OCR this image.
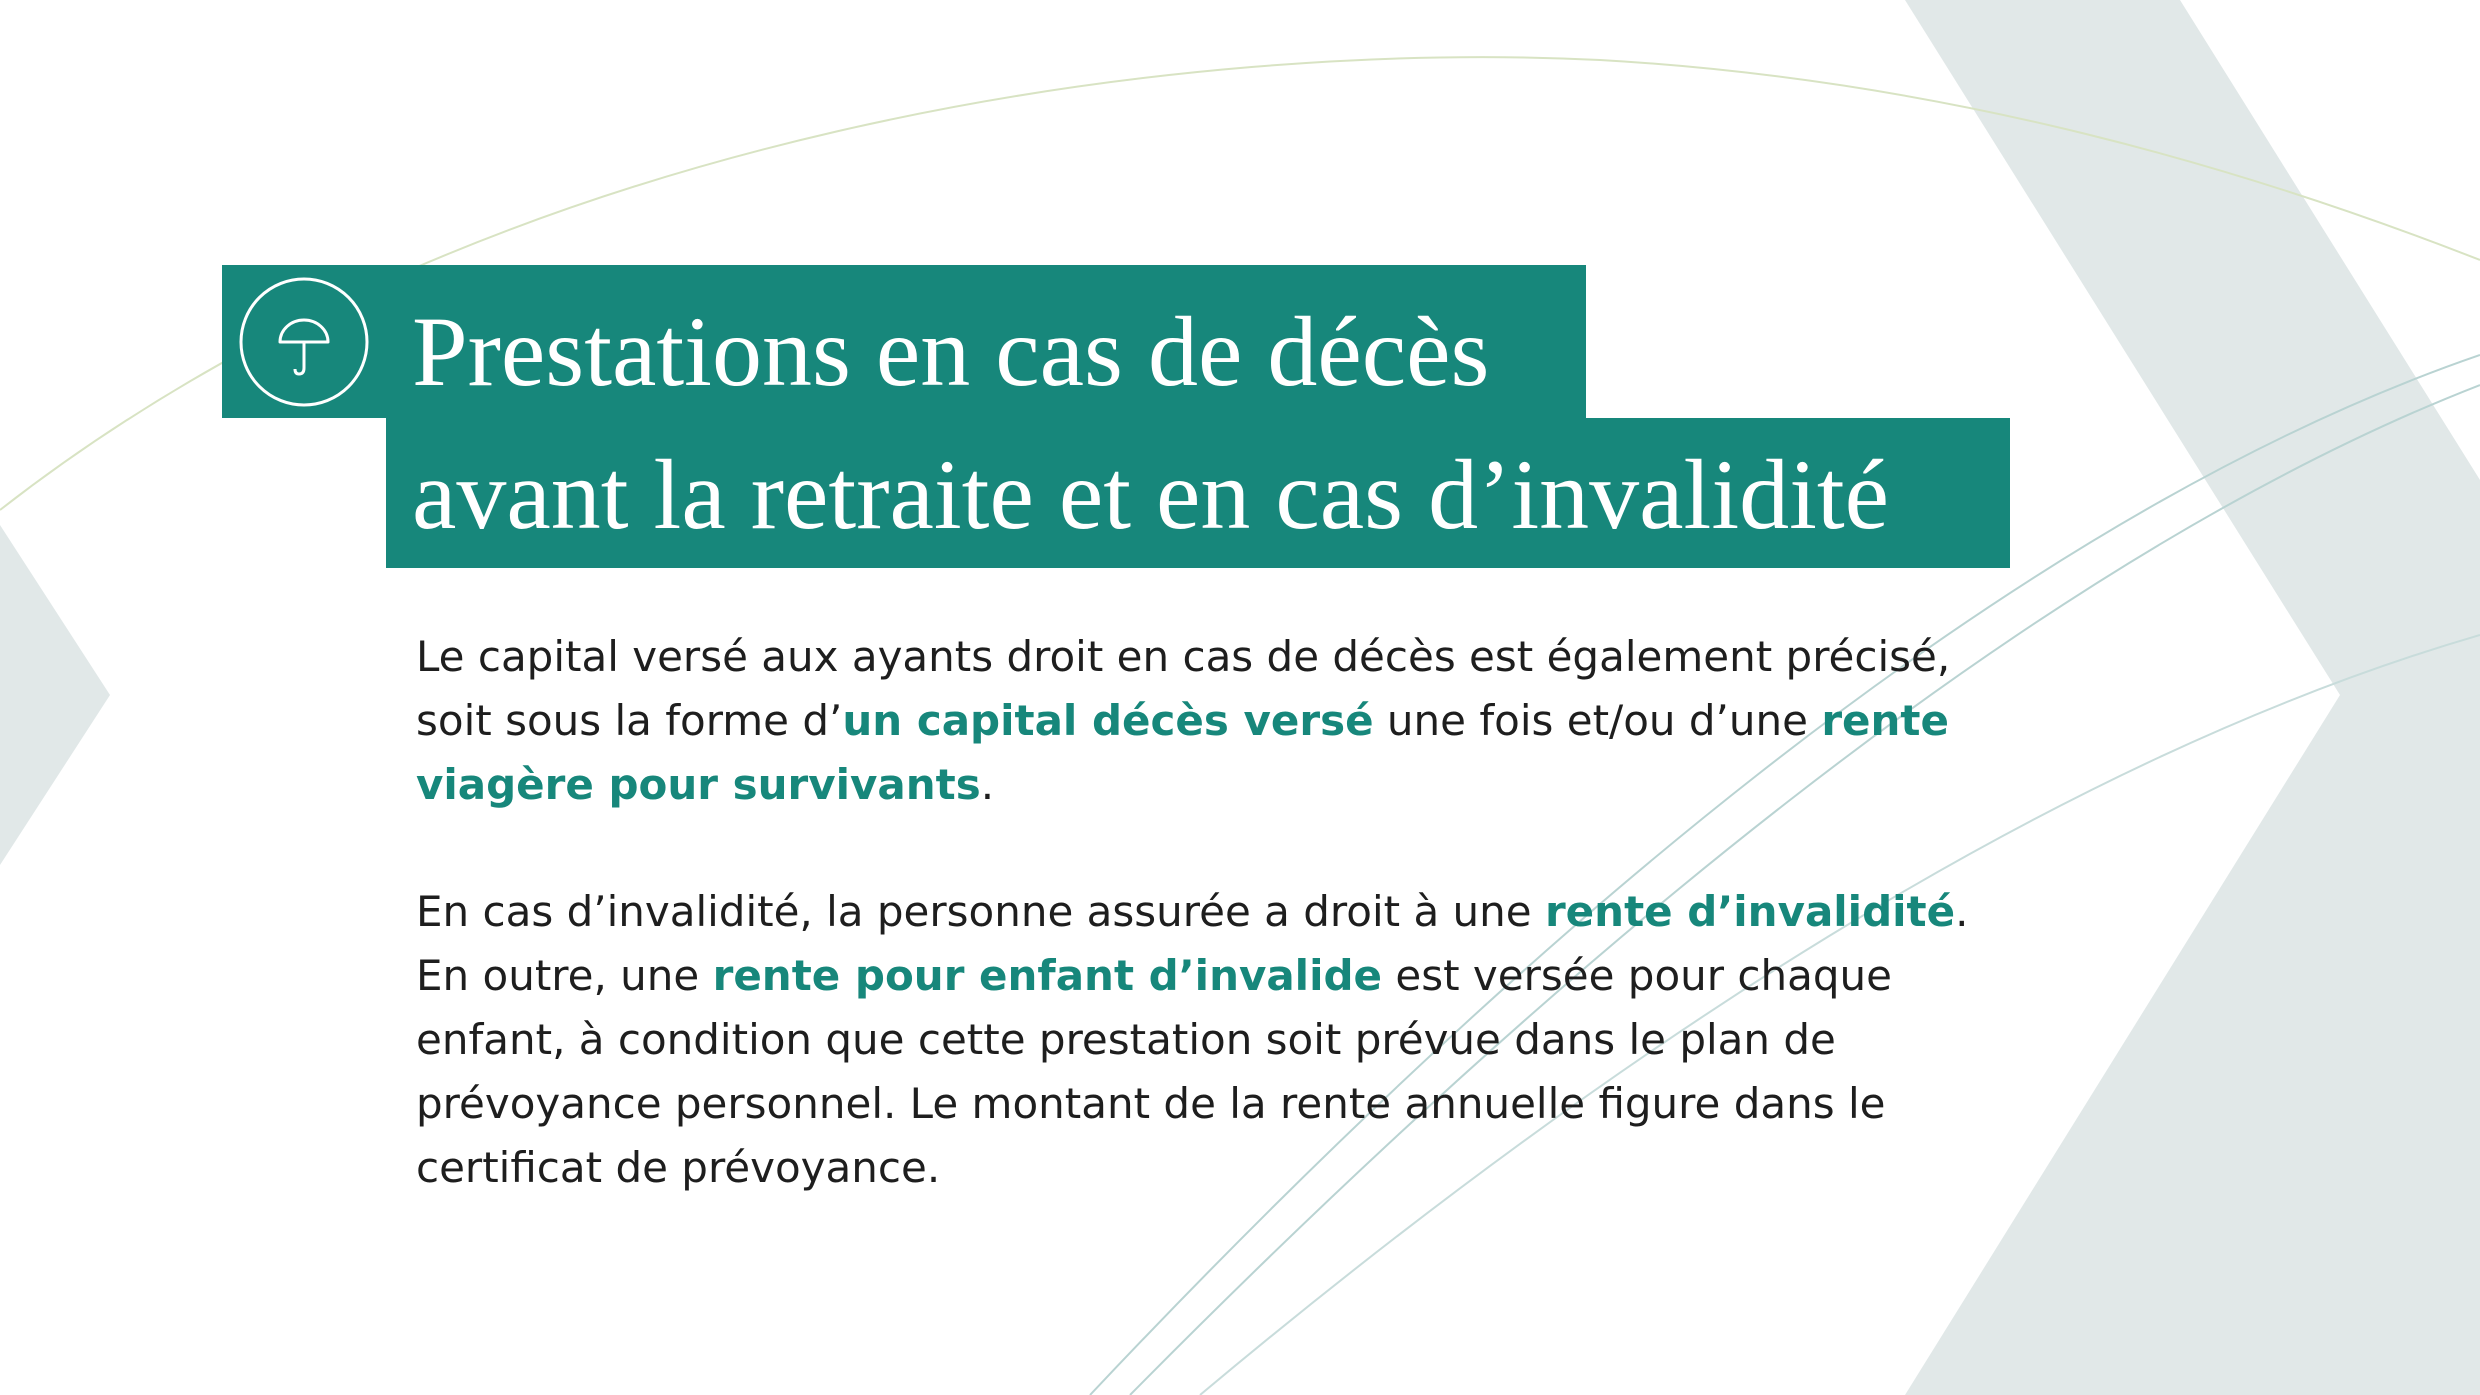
Prestations en cas de décès
avant la retraite et en cas d’invalidité

Le capital versé aux ayants droit en cas de décès est également précisé, soit sous la forme d’un capital décès versé une fois et/ou d’une rente viagère pour survivants.

En cas d’invalidité, la personne assurée a droit à une rente d’invalidité. En outre, une rente pour enfant d’invalide est versée pour chaque enfant, à condition que cette prestation soit prévue dans le plan de prévoyance personnel. Le montant de la rente annuelle figure dans le certificat de prévoyance.
